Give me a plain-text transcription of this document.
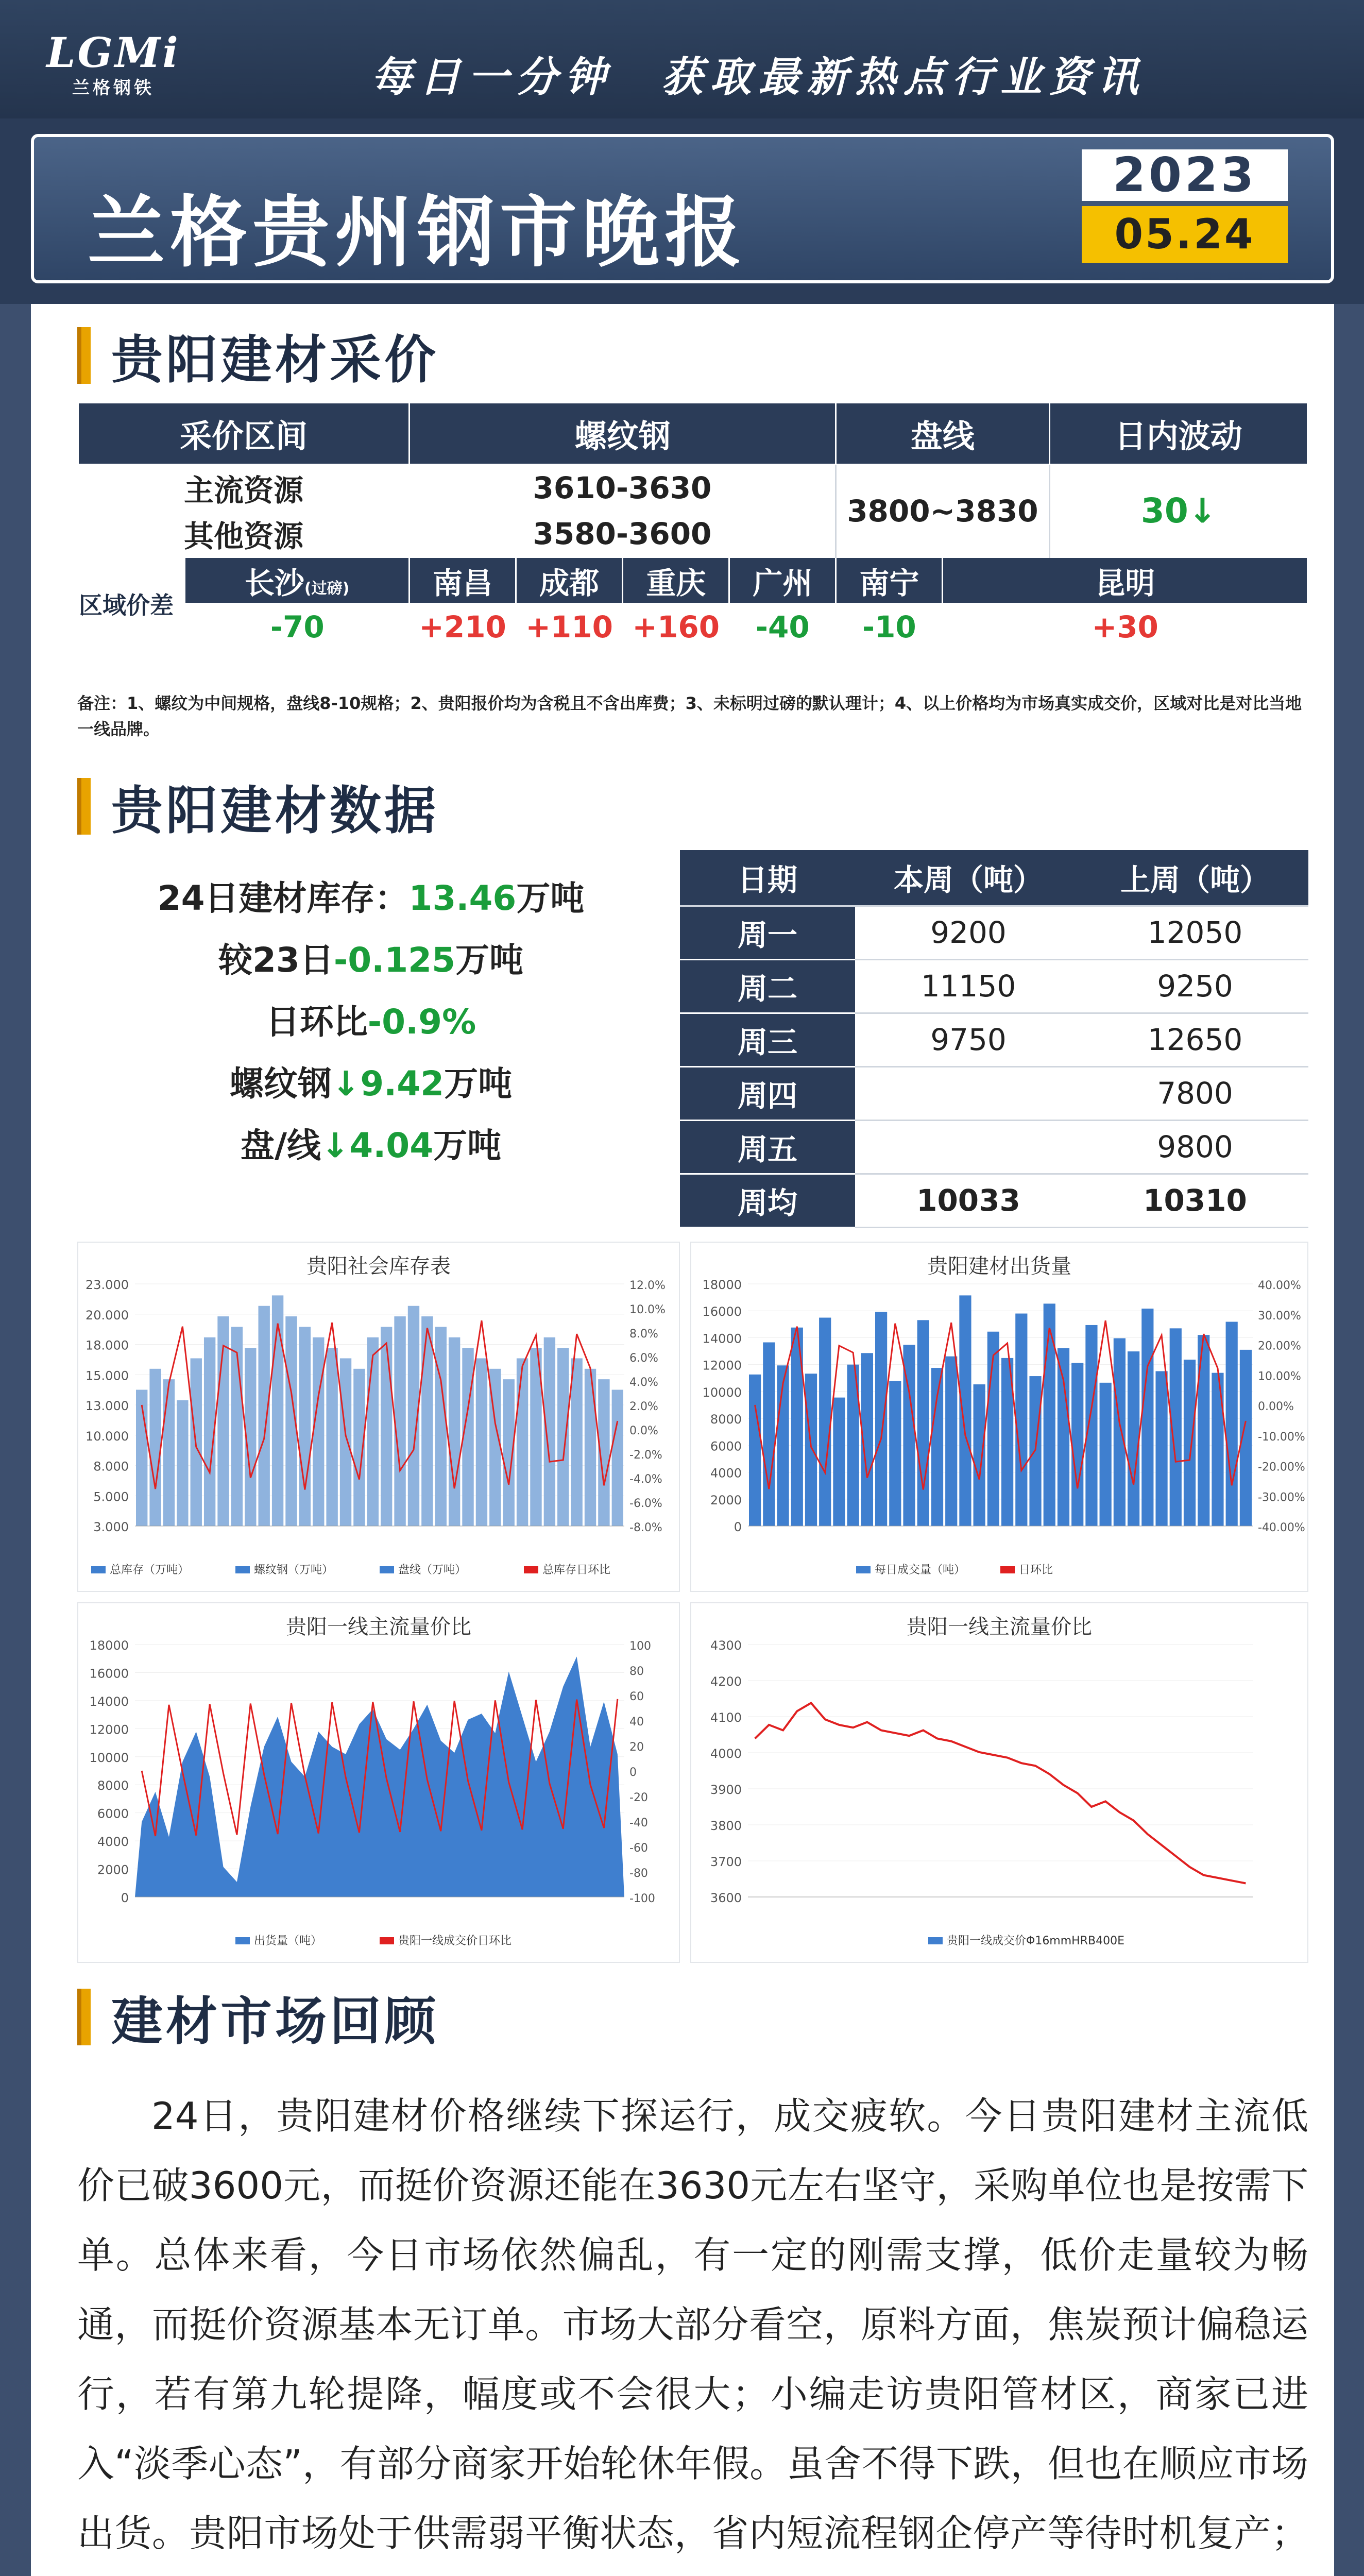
LGMi
兰格钢铁	每日一分钟　获取最新热点行业资讯
兰格贵州钢市晚报
2023
05.24
贵阳建材采价
采价区间		螺纹钢				盘线		日内波动
主流资源		3610-3630				3800~3830		30↓
其他资源		3580-3600						
区域价差	长沙(过磅)	南昌	成都	重庆	广州	南宁	昆明	
	-70	+210	+110	+160	-40	-10	+30	
备注：1、螺纹为中间规格，盘线8-10规格；2、贵阳报价均为含税且不含出库费；3、未标明过磅的默认理计；4、以上价格均为市场真实成交价，区域对比是对比当地一线品牌。
贵阳建材数据
24日建材库存： 13.46 万吨
较23日 -0.125 万吨
日环比 -0.9%
螺纹钢 ↓9.42 万吨
盘/线 ↓4.04 万吨
日期	本周（吨）	上周（吨）
周一	9200	12050
周二	11150	9250
周三	9750	12650
周四		7800
周五		9800
周均	10033	10310
贵阳社会库存表
23.000
20.000
18.000
15.000
13.000
10.000
8.000
5.000
3.000
12.0%
10.0%
8.0%
6.0%
4.0%
2.0%
0.0%
-2.0%
-4.0%
-6.0%
-8.0%
总库存（万吨）	螺纹钢（万吨）	盘线（万吨）	总库存日环比
贵阳建材出货量
18000
16000
14000
12000
10000
8000
6000
4000
2000
0
40.00%
30.00%
20.00%
10.00%
0.00%
-10.00%
-20.00%
-30.00%
-40.00%
每日成交量（吨）	日环比
贵阳一线主流量价比
18000
16000
14000
12000
10000
8000
6000
4000
2000
0
100
80
60
40
20
0
-20
-40
-60
-80
-100
出货量（吨）	贵阳一线成交价日环比
贵阳一线主流量价比
4300
4200
4100
4000
3900
3800
3700
3600
贵阳一线成交价Φ16mmHRB400E
建材市场回顾

24日，贵阳建材价格继续下探运行，成交疲软。今日贵阳建材主流低价已破3600元，而挺价资源还能在3630元左右坚守，采购单位也是按需下单。总体来看，今日市场依然偏乱，有一定的刚需支撑，低价走量较为畅通，而挺价资源基本无订单。市场大部分看空，原料方面，焦炭预计偏稳运行，若有第九轮提降，幅度或不会很大；小编走访贵阳管材区，商家已进入“淡季心态”，有部分商家开始轮休年假。虽舍不得下跌，但也在顺应市场出货。贵阳市场处于供需弱平衡状态，省内短流程钢企停产等待时机复产；
